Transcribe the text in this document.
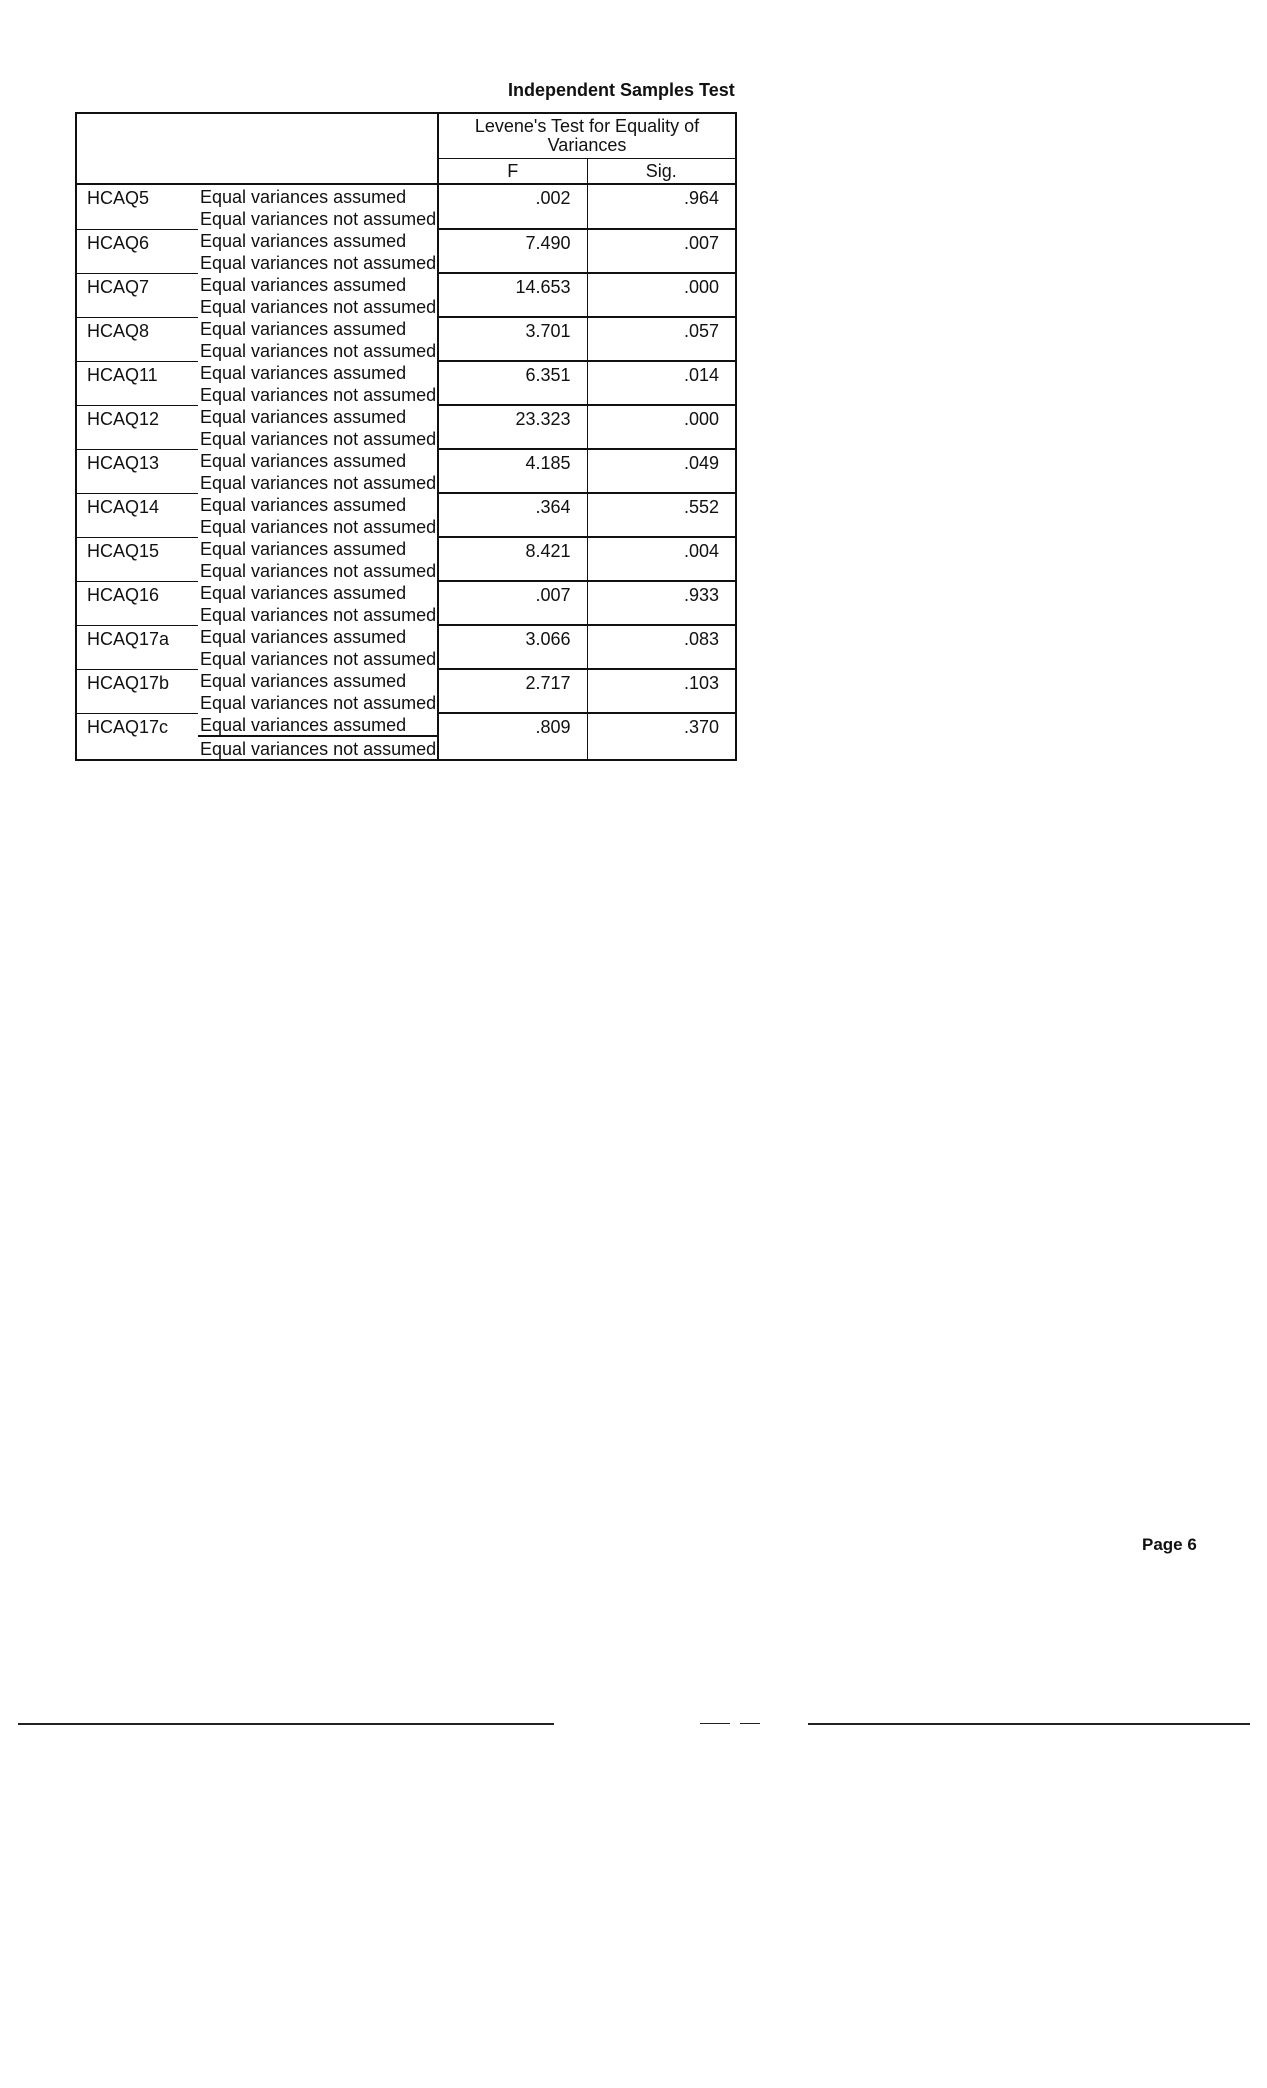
Independent Samples Test
		Levene's Test for Equality of Variances	
		F	Sig.
HCAQ5	Equal variances assumed	.002	.964
	Equal variances not assumed		
HCAQ6	Equal variances assumed	7.490	.007
	Equal variances not assumed		
HCAQ7	Equal variances assumed	14.653	.000
	Equal variances not assumed		
HCAQ8	Equal variances assumed	3.701	.057
	Equal variances not assumed		
HCAQ11	Equal variances assumed	6.351	.014
	Equal variances not assumed		
HCAQ12	Equal variances assumed	23.323	.000
	Equal variances not assumed		
HCAQ13	Equal variances assumed	4.185	.049
	Equal variances not assumed		
HCAQ14	Equal variances assumed	.364	.552
	Equal variances not assumed		
HCAQ15	Equal variances assumed	8.421	.004
	Equal variances not assumed		
HCAQ16	Equal variances assumed	.007	.933
	Equal variances not assumed		
HCAQ17a	Equal variances assumed	3.066	.083
	Equal variances not assumed		
HCAQ17b	Equal variances assumed	2.717	.103
	Equal variances not assumed		
HCAQ17c	Equal variances assumed	.809	.370
	Equal variances not assumed		
Page 6
